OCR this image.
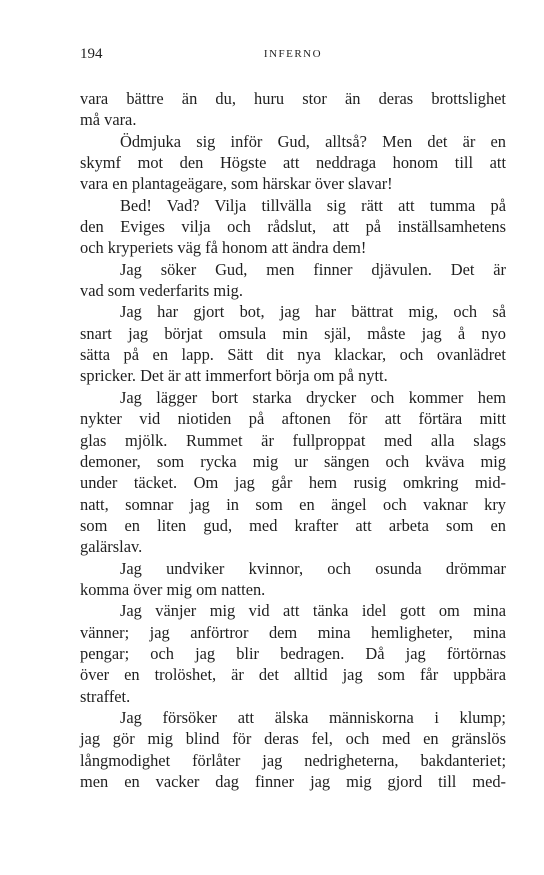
194	INFERNO
vara bättre än du, huru stor än deras brottslighet
må vara.
Ödmjuka sig inför Gud, alltså? Men det är en
skymf mot den Högste att neddraga honom till att
vara en plantageägare, som härskar över slavar!
Bed! Vad? Vilja tillvälla sig rätt att tumma på
den Eviges vilja och rådslut, att på inställsamhetens
och kryperiets väg få honom att ändra dem!
Jag söker Gud, men finner djävulen. Det är
vad som vederfarits mig.
Jag har gjort bot, jag har bättrat mig, och så
snart jag börjat omsula min själ, måste jag å nyo
sätta på en lapp. Sätt dit nya klackar, och ovanlädret
spricker. Det är att immerfort börja om på nytt.
Jag lägger bort starka drycker och kommer hem
nykter vid niotiden på aftonen för att förtära mitt
glas mjölk. Rummet är fullproppat med alla slags
demoner, som rycka mig ur sängen och kväva mig
under täcket. Om jag går hem rusig omkring mid-
natt, somnar jag in som en ängel och vaknar kry
som en liten gud, med krafter att arbeta som en
galärslav.
Jag undviker kvinnor, och osunda drömmar
komma över mig om natten.
Jag vänjer mig vid att tänka idel gott om mina
vänner; jag anförtror dem mina hemligheter, mina
pengar; och jag blir bedragen. Då jag förtörnas
över en trolöshet, är det alltid jag som får uppbära
straffet.
Jag försöker att älska människorna i klump;
jag gör mig blind för deras fel, och med en gränslös
långmodighet förlåter jag nedrigheterna, bakdanteriet;
men en vacker dag finner jag mig gjord till med-
